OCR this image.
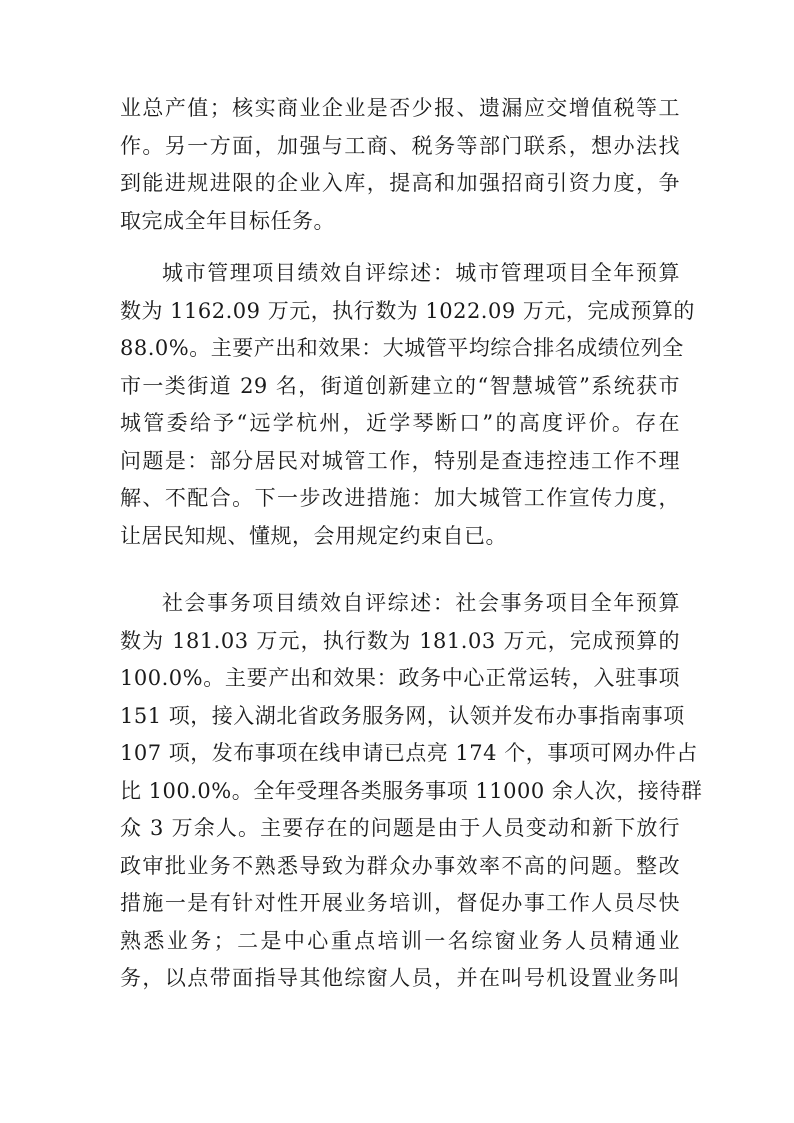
业总产值；核实商业企业是否少报、遗漏应交增值税等工
作。另一方面，加强与工商、税务等部门联系，想办法找
到能进规进限的企业入库，提高和加强招商引资力度，争
取完成全年目标任务。
城市管理项目绩效自评综述：城市管理项目全年预算
数为 1162.09 万元，执行数为 1022.09 万元，完成预算的
88.0%。主要产出和效果：大城管平均综合排名成绩位列全
市一类街道 29 名，街道创新建立的“智慧城管”系统获市
城管委给予“远学杭州，近学琴断口”的高度评价。存在
问题是：部分居民对城管工作，特别是查违控违工作不理
解、不配合。下一步改进措施：加大城管工作宣传力度，
让居民知规、懂规，会用规定约束自已。
社会事务项目绩效自评综述：社会事务项目全年预算
数为 181.03 万元，执行数为 181.03 万元，完成预算的
100.0%。主要产出和效果：政务中心正常运转，入驻事项
151 项，接入湖北省政务服务网，认领并发布办事指南事项
107 项，发布事项在线申请已点亮 174 个，事项可网办件占
比 100.0%。全年受理各类服务事项 11000 余人次，接待群
众 3 万余人。主要存在的问题是由于人员变动和新下放行
政审批业务不熟悉导致为群众办事效率不高的问题。整改
措施一是有针对性开展业务培训，督促办事工作人员尽快
熟悉业务；二是中心重点培训一名综窗业务人员精通业
务，以点带面指导其他综窗人员，并在叫号机设置业务叫
